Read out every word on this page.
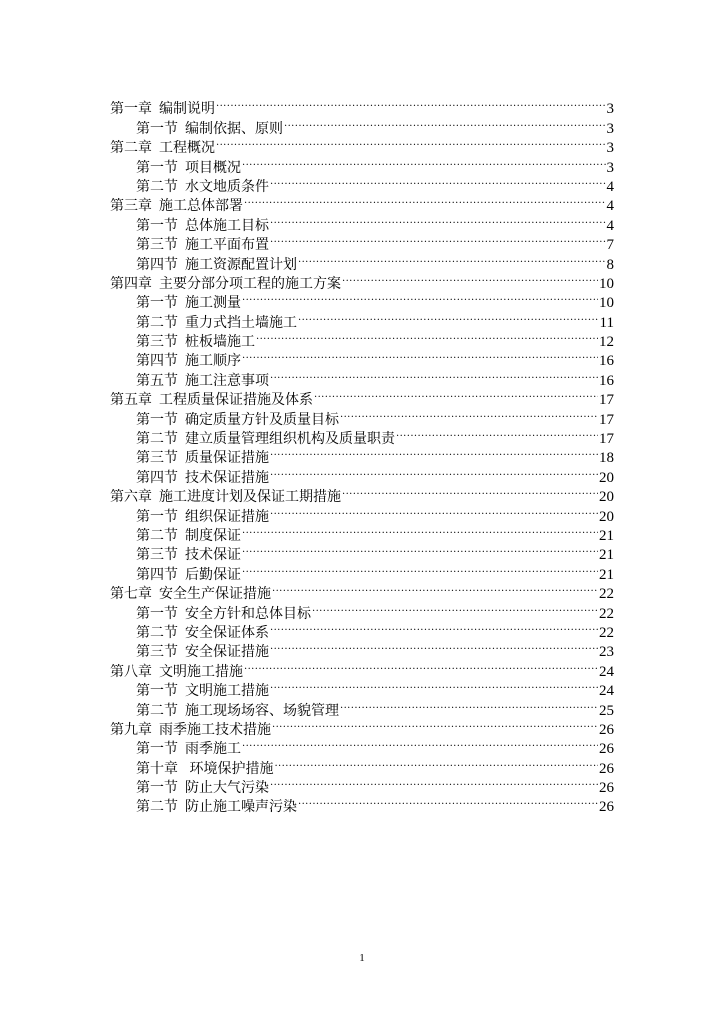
第一章 编制说明 .....	3
第一节 编制依据、原则 .....	3
第二章 工程概况 .....	3
第一节 项目概况 .....	3
第二节 水文地质条件 .....	4
第三章 施工总体部署 .....	4
第一节 总体施工目标 .....	4
第三节 施工平面布置 .....	7
第四节 施工资源配置计划 .....	8
第四章 主要分部分项工程的施工方案 .....	10
第一节 施工测量 .....	10
第二节 重力式挡土墙施工 .....	11
第三节 桩板墙施工 .....	12
第四节 施工顺序 .....	16
第五节 施工注意事项 .....	16
第五章 工程质量保证措施及体系 .....	17
第一节 确定质量方针及质量目标 .....	17
第二节 建立质量管理组织机构及质量职责 .....	17
第三节 质量保证措施 .....	18
第四节 技术保证措施 .....	20
第六章 施工进度计划及保证工期措施 .....	20
第一节 组织保证措施 .....	20
第二节 制度保证 .....	21
第三节 技术保证 .....	21
第四节 后勤保证 .....	21
第七章 安全生产保证措施 .....	22
第一节 安全方针和总体目标 .....	22
第二节 安全保证体系 .....	22
第三节 安全保证措施 .....	23
第八章 文明施工措施 .....	24
第一节 文明施工措施 .....	24
第二节 施工现场场容、场貌管理 .....	25
第九章 雨季施工技术措施 .....	26
第一节 雨季施工 .....	26
第十章 环境保护措施 .....	26
第一节 防止大气污染 .....	26
第二节 防止施工噪声污染 .....	26
1
